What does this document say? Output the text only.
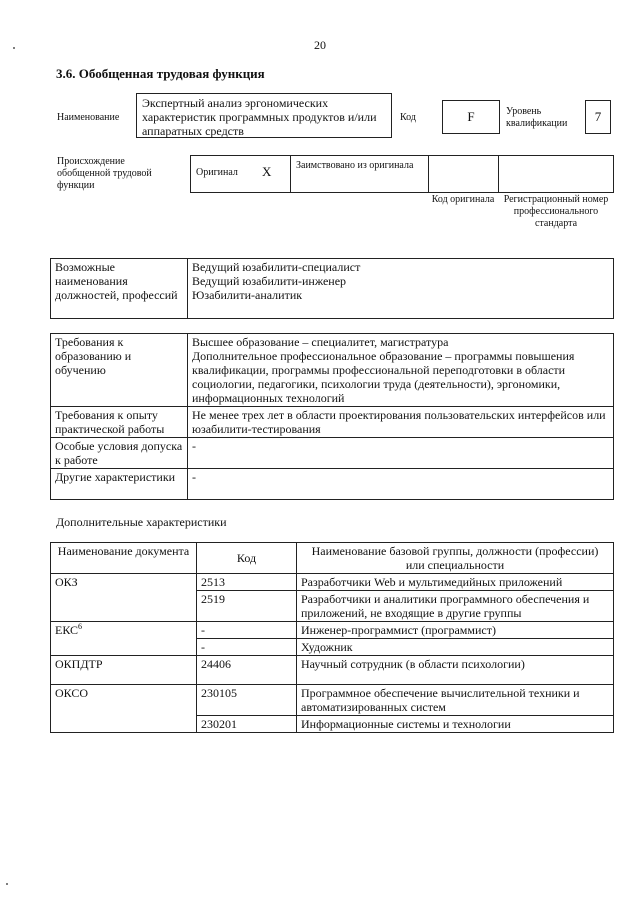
20
3.6. Обобщенная трудовая функция
Наименование
Экспертный анализ эргономических характеристик программных продуктов и/или аппаратных средств
Код	F	Уровень квалификации	7
Происхождение обобщенной трудовой функции
Оригинал X Заимствовано из оригинала
Код оригинала Регистрационный номер профессионального стандарта
Возможные наименования должностей, профессий	
Ведущий юзабилити-специалист
Ведущий юзабилити-инженер
Юзабилити-аналитик
Требования к образованию и обучению	Высшее образование – специалитет, магистратура
Дополнительное профессиональное образование – программы повышения квалификации, программы профессиональной переподготовки в области социологии, педагогики, психологии труда (деятельности), эргономики, информационных технологий

Требования к опыту практической работы	Не менее трех лет в области проектирования пользовательских интерфейсов или юзабилити-тестирования
Особые условия допуска к работе	-
Другие характеристики	-
Дополнительные характеристики
Наименование документа	Код	Наименование базовой группы, должности (профессии) или специальности
ОКЗ	2513	Разработчики Web и мультимедийных приложений
	2519	Разработчики и аналитики программного обеспечения и приложений, не входящие в другие группы
ЕКС$^6$	-	Инженер-программист (программист)
	-	Художник
ОКПДТР	24406	Научный сотрудник (в области психологии)
ОКСО	230105	Программное обеспечение вычислительной техники и автоматизированных систем
	230201	Информационные системы и технологии
